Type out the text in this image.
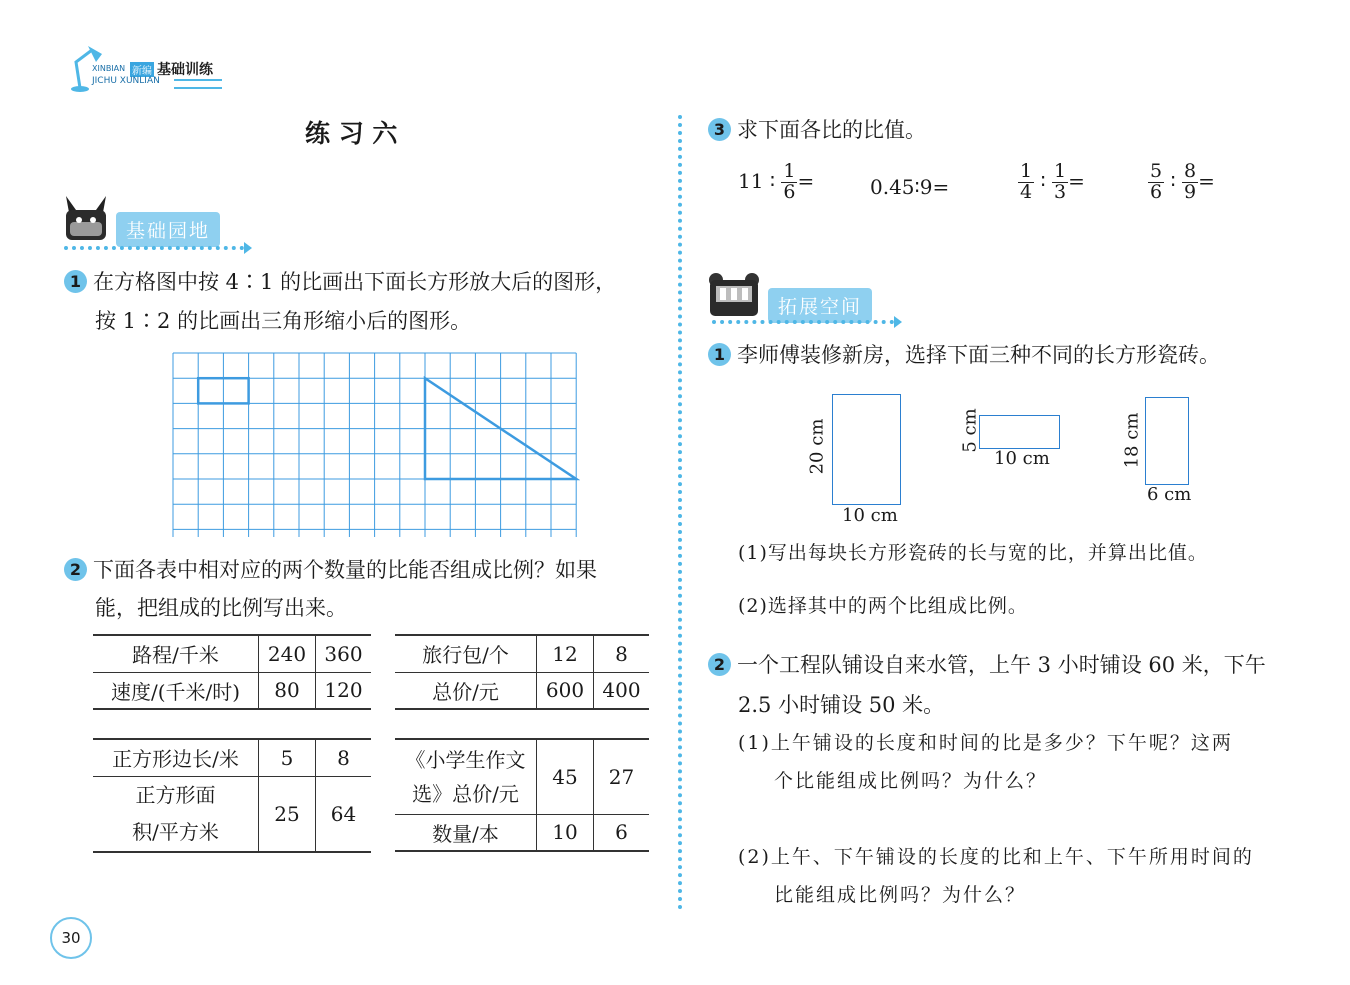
XINBIAN 新编 基础训练
JICHU XUNLIAN
练 习 六
基础园地
1 在方格图中按 4∶1 的比画出下面长方形放大后的图形，
按 1∶2 的比画出三角形缩小后的图形。
2 下面各表中相对应的两个数量的比能否组成比例？如果
能，把组成的比例写出来。
路程/千米	240	360
速度/(千米/时)	80	120
旅行包/个	12	8
总价/元	600	400
正方形边长/米	5	8

正方形面
积/平方米	25	64
《小学生作文
选》总价/元	45	27
数量/本	10	6
30
3 求下面各比的比值。
11 ∶ $\frac{1}{6}$ =	0.45∶9=	$\frac{1}{4}$ ∶ $\frac{1}{3}$ =	$\frac{5}{6}$ ∶ $\frac{8}{9}$ =
拓展空间
1 李师傅装修新房，选择下面三种不同的长方形瓷砖。
20 cm
10 cm
5 cm
10 cm	18 cm
6 cm
(1)写出每块长方形瓷砖的长与宽的比，并算出比值。
(2)选择其中的两个比组成比例。
2 一个工程队铺设自来水管，上午 3 小时铺设 60 米，下午
2.5 小时铺设 50 米。
(1)上午铺设的长度和时间的比是多少？下午呢？这两
个比能组成比例吗？为什么？
(2)上午、下午铺设的长度的比和上午、下午所用时间的
比能组成比例吗？为什么？
